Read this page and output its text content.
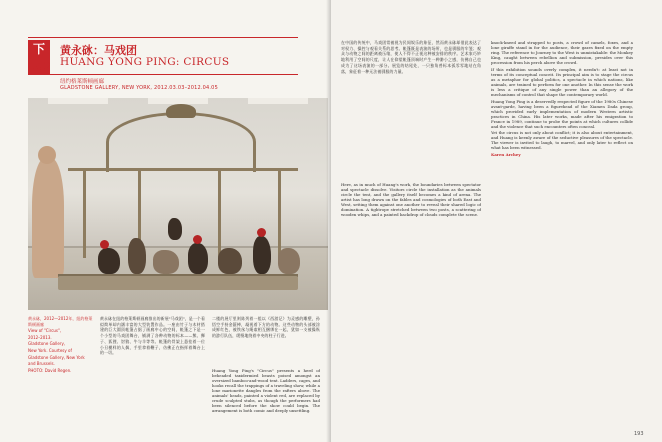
下
192
黄永砯：马戏团
HUANG YONG PING: CIRCUS
纽约格莱斯顿画廊
GLADSTONE GALLERY, NEW YORK, 2012.03.03–2012.04.05

黄永砯，2012—2012年，纽约格莱斯顿画廊

View of "Circus",

2012–2013.

Gladstone Gallery,

New York. Courtesy of

Gladstone Gallery, New York

and Brussels.

PHOTO: David Regen.

黄永砯在纽约格莱斯顿画廊推出的新展"马戏团"，是一个看似简单却内涵丰富的大型装置作品。一座由竹子与木材搭建的巨大圆顶帐篷占据了画廊中心的空间，帐篷之下是一个小型的马戏团舞台，铺满了各种动物的标本——熊、狮子、狐狸、豺狼、牛与羊等等。帐篷的骨架上悬挂着一位小丑模样的人偶，手里拿着鞭子，仿佛正在指挥着舞台上的一切。

二楼的展厅里则陈列着一组以《西游记》为灵感的雕塑，孙悟空手持金箍棒，凝视着下方的动物。这些动物的头部被涂成鲜红色，被铁丝与绳索相互捆绑在一起，犹如一支被操纵的游行队伍，缓慢地绕着中央的柱子行进。

Huang Yong Ping's "Circus" presents a herd of beheaded taxidermied beasts poised amongst an oversized bamboo-and-wood tent. Ladders, cages, and hooks recall the trappings of a traveling show, while a lone marionette dangles from the rafters above. The animals' heads, painted a violent red, are replaced by crude sculpted stubs, as though the performers had been silenced before the show could begin. The arrangement is both comic and deeply unsettling.

在中国的传统中，马戏团常被视为民间娱乐的象征，然而黄永砯却借此表达了对权力、操控与观看关系的思考。帐篷既是表演的场所，也是驯服的牢笼；观众与动物之间的距离被压缩，使人不得不正视这种被安排的秩序。艺术家巧妙地利用了空间的尺度，让人在仰望帐篷顶端时产生一种渺小之感，仿佛自己也成为了这场表演的一部分。展览的结尾处，一只独角兽标本孤零零地站在角落，象征着一种无法被驯服的力量。

Here, as in much of Huang's work, the boundaries between spectator and spectacle dissolve. Visitors circle the installation as the animals circle the tent, and the gallery itself becomes a kind of arena. The artist has long drawn on the fables and cosmologies of both East and West, setting them against one another to reveal their shared logic of domination. A tightrope stretched between two posts, a scattering of wooden whips, and a painted backdrop of clouds complete the scene.

knock-kneed and strapped to posts, a crowd of camels, foxes, and a lone giraffe stand in for the audience, their gazes fixed on the empty ring. The reference to Journey to the West is unmistakable: the Monkey King, caught between rebellion and submission, presides over this procession from his perch above the crowd.

If this exhibition sounds overly complex, it needn't: at least not in terms of its conceptual conceit. Its principal aim is to stage the circus as a metaphor for global politics, a spectacle in which nations, like animals, are trained to perform for one another. In this sense the work is less a critique of any single power than an allegory of the mechanisms of control that shape the contemporary world.

Huang Yong Ping is a deservedly respected figure of the 1980s Chinese avant-garde, having been a figurehead of the Xiamen Dada group, which provided early implementation of modern Western artistic practices in China. His later works, made after his emigration to France in 1989, continue to probe the points at which cultures collide and the violence that such encounters often conceal.

Yet the circus is not only about conflict; it is also about entertainment, and Huang is keenly aware of the seductive pleasures of the spectacle. The viewer is invited to laugh, to marvel, and only later to reflect on what has been witnessed.

Karen Archey

193
